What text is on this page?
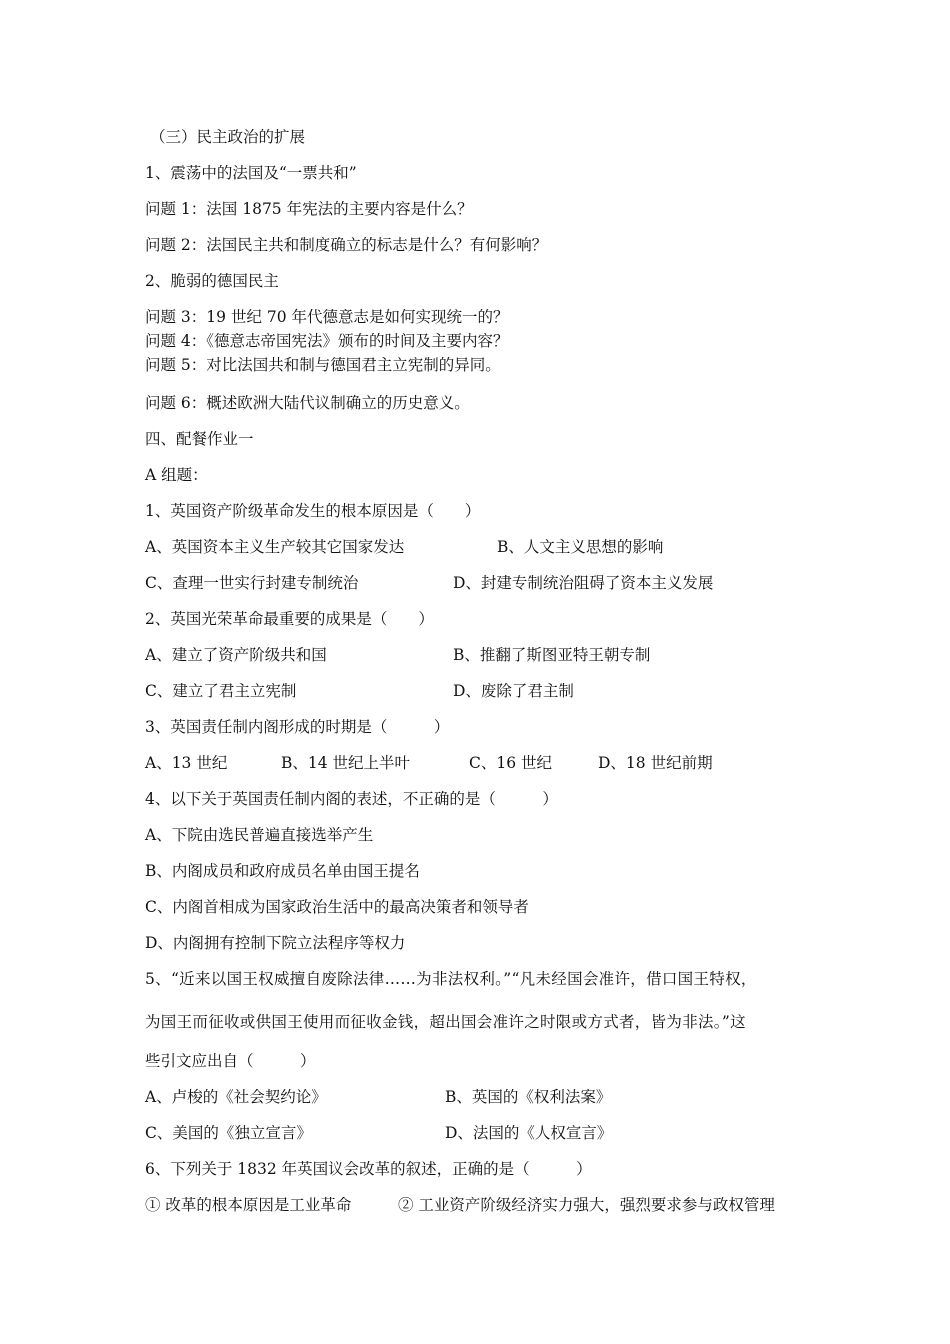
（三）民主政治的扩展
1、震荡中的法国及“一票共和”
问题 1：法国 1875 年宪法的主要内容是什么？
问题 2：法国民主共和制度确立的标志是什么？有何影响？
2、脆弱的德国民主
问题 3：19 世纪 70 年代德意志是如何实现统一的？
问题 4：《德意志帝国宪法》颁布的时间及主要内容？
问题 5：对比法国共和制与德国君主立宪制的异同。
问题 6：概述欧洲大陆代议制确立的历史意义。
四、配餐作业一
A 组题：
1、英国资产阶级革命发生的根本原因是（　　）
A、英国资本主义生产较其它国家发达	B、人文主义思想的影响
C、查理一世实行封建专制统治	D、封建专制统治阻碍了资本主义发展
2、英国光荣革命最重要的成果是（　　）
A、建立了资产阶级共和国	B、推翻了斯图亚特王朝专制
C、建立了君主立宪制	D、废除了君主制
3、英国责任制内阁形成的时期是（　　　）
A、13 世纪	B、14 世纪上半叶	C、16 世纪	D、18 世纪前期
4、以下关于英国责任制内阁的表述，不正确的是（　　　）
A、下院由选民普遍直接选举产生
B、内阁成员和政府成员名单由国王提名
C、内阁首相成为国家政治生活中的最高决策者和领导者
D、内阁拥有控制下院立法程序等权力
5、“近来以国王权威擅自废除法律……为非法权利。”“凡未经国会准许，借口国王特权，
为国王而征收或供国王使用而征收金钱，超出国会准许之时限或方式者，皆为非法。”这
些引文应出自（　　　）
A、卢梭的《社会契约论》	B、英国的《权利法案》
C、美国的《独立宣言》	D、法国的《人权宣言》
6、下列关于 1832 年英国议会改革的叙述，正确的是（　　　）
① 改革的根本原因是工业革命	② 工业资产阶级经济实力强大，强烈要求参与政权管理
